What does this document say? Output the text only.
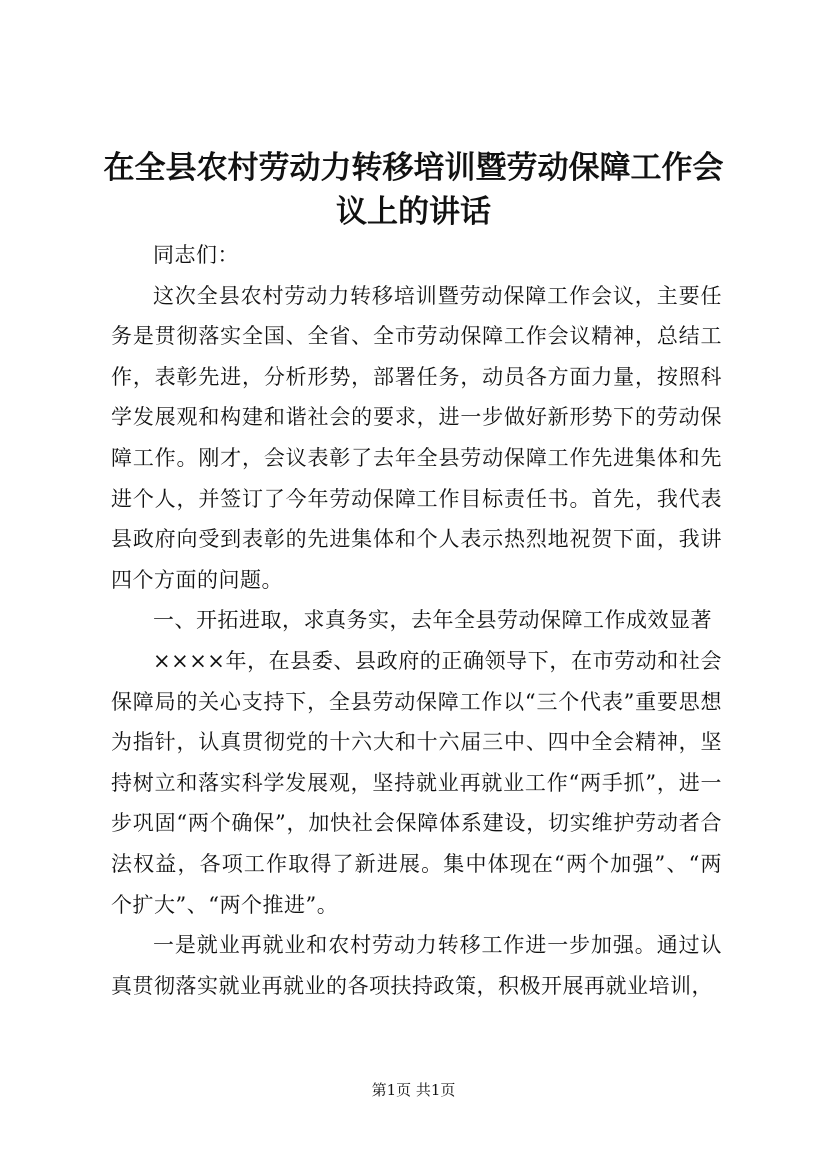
在全县农村劳动力转移培训暨劳动保障工作会议上的讲话

同志们：

这次全县农村劳动力转移培训暨劳动保障工作会议，主要任务是贯彻落实全国、全省、全市劳动保障工作会议精神，总结工作，表彰先进，分析形势，部署任务，动员各方面力量，按照科学发展观和构建和谐社会的要求，进一步做好新形势下的劳动保障工作。刚才，会议表彰了去年全县劳动保障工作先进集体和先进个人，并签订了今年劳动保障工作目标责任书。首先，我代表县政府向受到表彰的先进集体和个人表示热烈地祝贺下面，我讲四个方面的问题。

一、开拓进取，求真务实，去年全县劳动保障工作成效显著

××××年，在县委、县政府的正确领导下，在市劳动和社会保障局的关心支持下，全县劳动保障工作以“三个代表”重要思想为指针，认真贯彻党的十六大和十六届三中、四中全会精神，坚持树立和落实科学发展观，坚持就业再就业工作“两手抓”，进一步巩固“两个确保”，加快社会保障体系建设，切实维护劳动者合法权益，各项工作取得了新进展。集中体现在“两个加强”、“两个扩大”、“两个推进”。

一是就业再就业和农村劳动力转移工作进一步加强。通过认真贯彻落实就业再就业的各项扶持政策，积极开展再就业培训，

第1页 共1页
